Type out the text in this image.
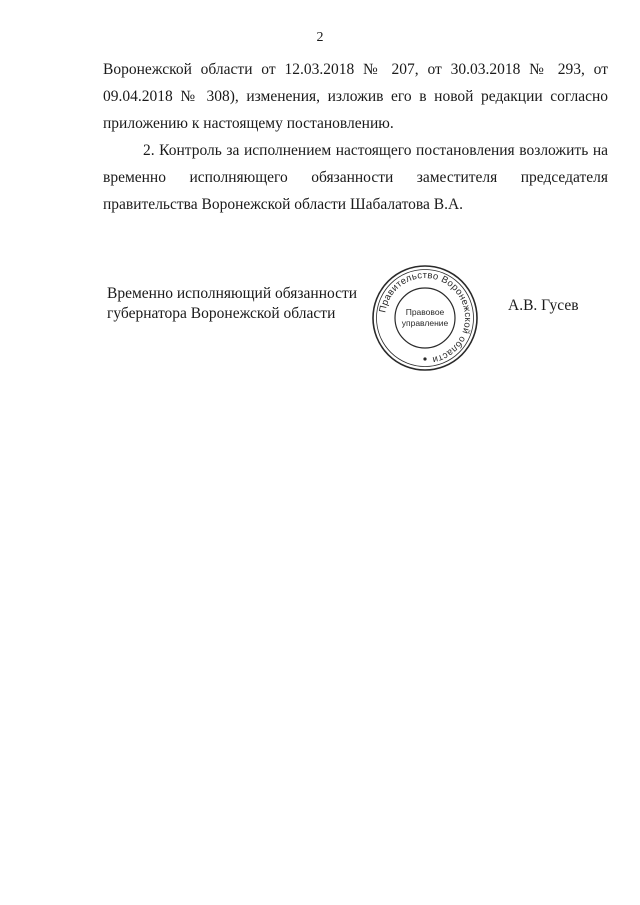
2
Воронежской области от 12.03.2018 № 207, от 30.03.2018 № 293, от
09.04.2018 № 308), изменения, изложив его в новой редакции согласно
приложению к настоящему постановлению.
2. Контроль за исполнением настоящего постановления возложить на
временно исполняющего обязанности заместителя председателя
правительства Воронежской области Шабалатова В.А.
Временно исполняющий обязанности
губернатора Воронежской области	Правительство Воронежской области
Правовое
управление
А.В. Гусев
